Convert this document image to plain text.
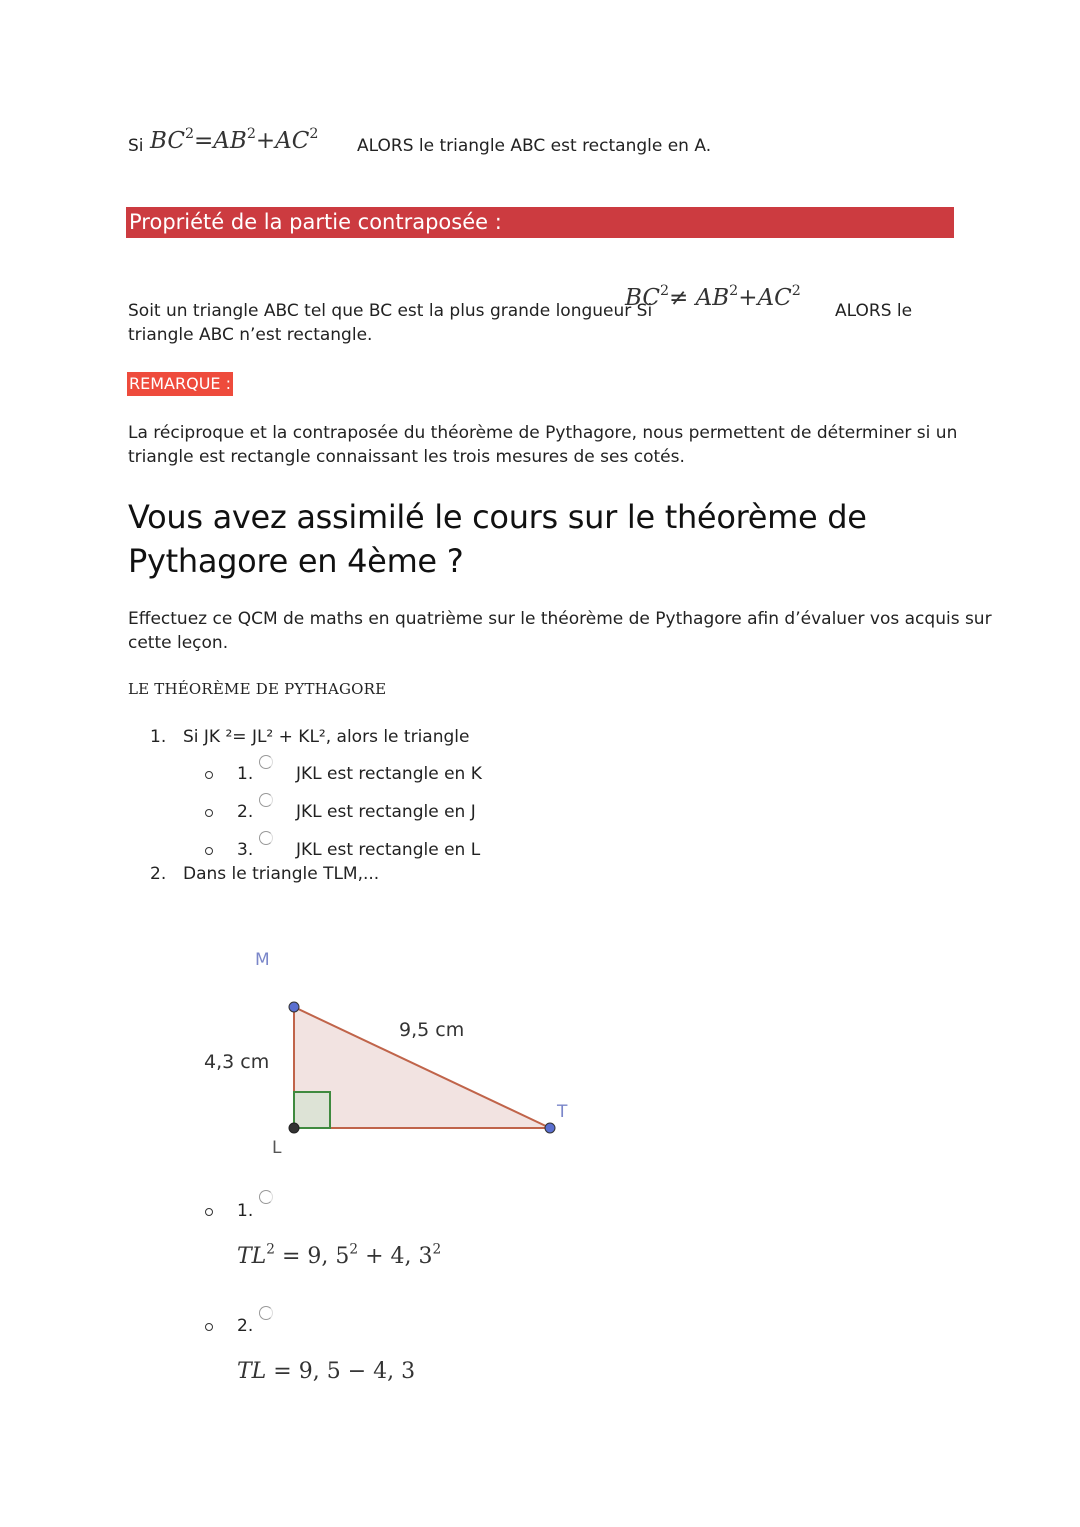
Si $BC^2=AB^2+AC^2$
ALORS le triangle ABC est rectangle en A.
Propriété de la partie contraposée :
Soit un triangle ABC tel que BC est la plus grande longueur Si
$BC^2\ne AB^2+AC^2$
ALORS le
triangle ABC n’est rectangle.
REMARQUE :
La réciproque et la contraposée du théorème de Pythagore, nous permettent de déterminer si un
triangle est rectangle connaissant les trois mesures de ses cotés.
Vous avez assimilé le cours sur le théorème de
Pythagore en 4ème ?
Effectuez ce QCM de maths en quatrième sur le théorème de Pythagore afin d’évaluer vos acquis sur
cette leçon.
LE THÉORÈME DE PYTHAGORE
1. Si JK ²= JL² + KL², alors le triangle
1.	JKL est rectangle en K
2.	JKL est rectangle en J
3.	JKL est rectangle en L
2. Dans le triangle TLM,...
M
L
T
4,3 cm
9,5 cm
1.
$TL^2 = 9$, $5^2 + 4$, $3^2$
2.
TL = 9, 5 − 4, 3
